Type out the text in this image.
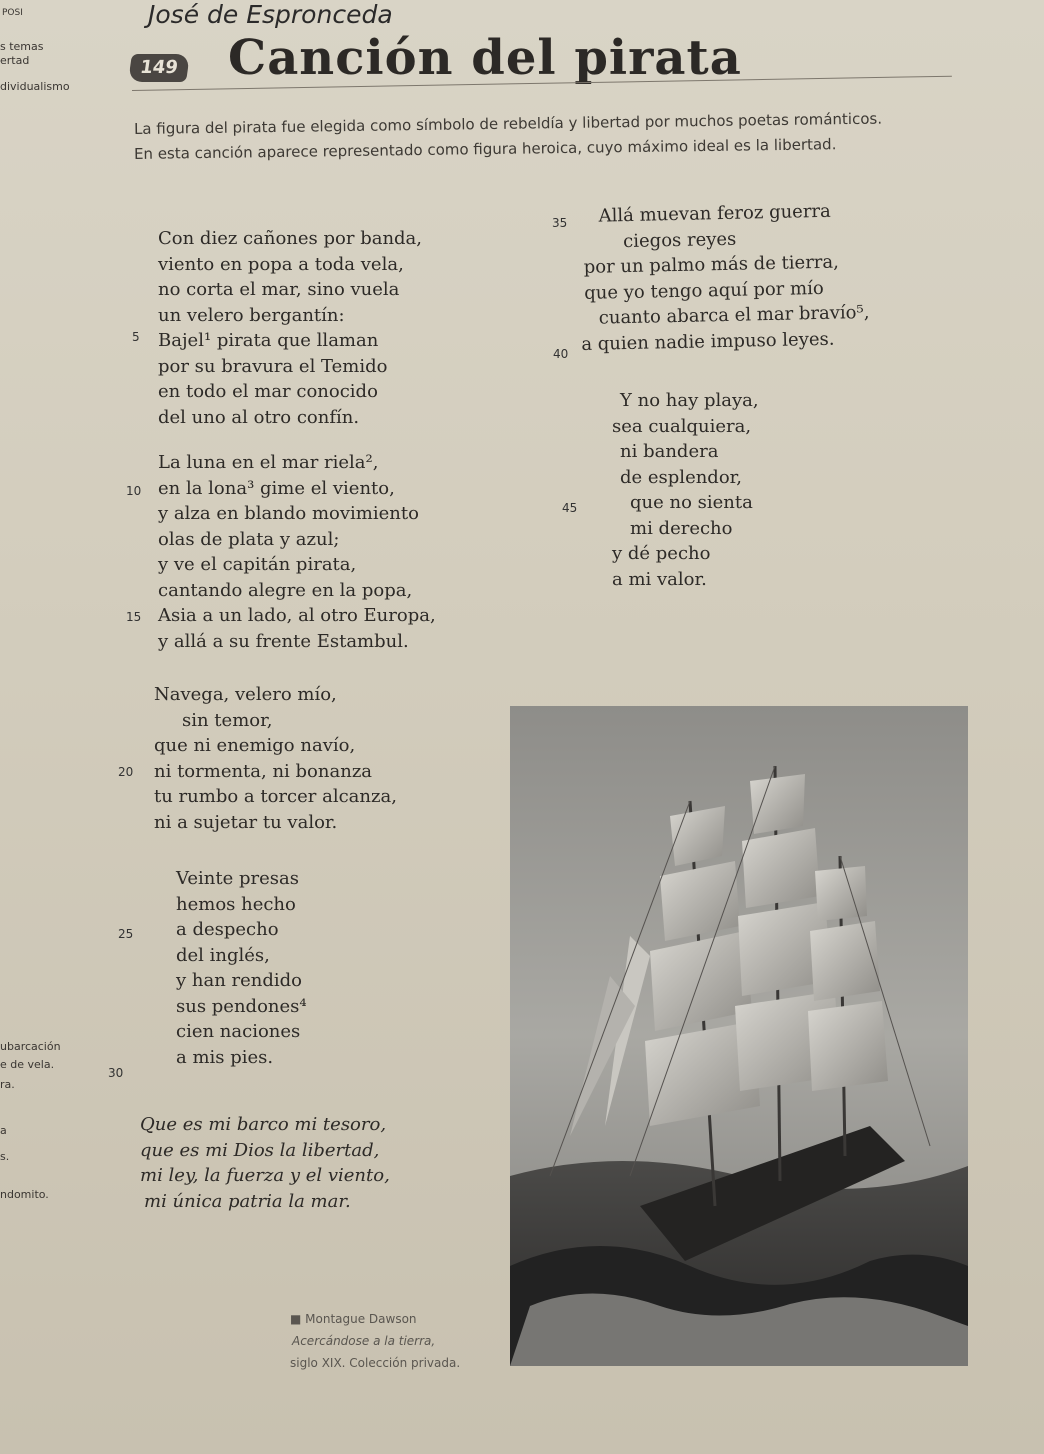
POSI
s temas
ertad
dividualismo
ubarcación
e de vela.
ra.
a
s.
ndomito.
José de Espronceda
149 Canción del pirata
La figura del pirata fue elegida como símbolo de rebeldía y libertad por muchos poetas románticos.
En esta canción aparece representado como figura heroica, cuyo máximo ideal es la libertad.
5
10
15
20
25
30
35
40
45
Con diez cañones por banda,
viento en popa a toda vela,
no corta el mar, sino vuela
un velero bergantín:
Bajel¹ pirata que llaman
por su bravura el Temido
en todo el mar conocido
del uno al otro confín.
La luna en el mar riela²,
en la lona³ gime el viento,
y alza en blando movimiento
olas de plata y azul;
y ve el capitán pirata,
cantando alegre en la popa,
Asia a un lado, al otro Europa,
y allá a su frente Estambul.
Navega, velero mío,
sin temor,
que ni enemigo navío,
ni tormenta, ni bonanza
tu rumbo a torcer alcanza,
ni a sujetar tu valor.
Veinte presas
hemos hecho
a despecho
del inglés,
y han rendido
sus pendones⁴
cien naciones
a mis pies.
Que es mi barco mi tesoro,
que es mi Dios la libertad,
mi ley, la fuerza y el viento,
mi única patria la mar.
Allá muevan feroz guerra
ciegos reyes
por un palmo más de tierra,
que yo tengo aquí por mío
cuanto abarca el mar bravío⁵,
a quien nadie impuso leyes.
Y no hay playa,
sea cualquiera,
ni bandera
de esplendor,
que no sienta
mi derecho
y dé pecho
a mi valor.
■ Montague Dawson
Acercándose a la tierra,
siglo XIX. Colección privada.
